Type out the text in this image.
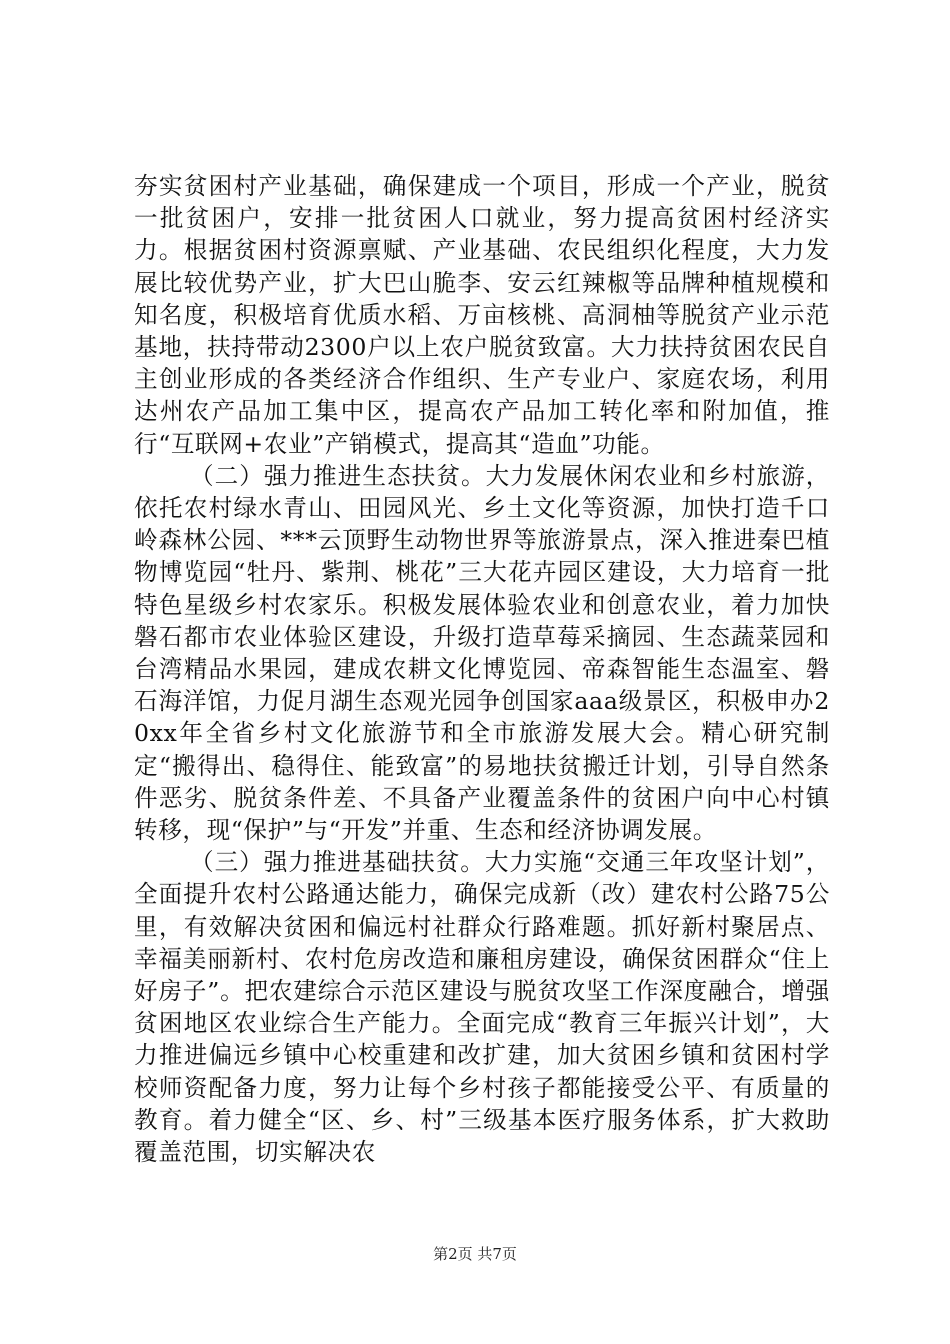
夯实贫困村产业基础，确保建成一个项目，形成一个产业，脱贫一批贫困户，安排一批贫困人口就业，努力提高贫困村经济实力。根据贫困村资源禀赋、产业基础、农民组织化程度，大力发展比较优势产业，扩大巴山脆李、安云红辣椒等品牌种植规模和知名度，积极培育优质水稻、万亩核桃、高洞柚等脱贫产业示范基地，扶持带动2300户以上农户脱贫致富。大力扶持贫困农民自主创业形成的各类经济合作组织、生产专业户、家庭农场，利用达州农产品加工集中区，提高农产品加工转化率和附加值，推行“互联网+农业”产销模式，提高其“造血”功能。

（二）强力推进生态扶贫。大力发展休闲农业和乡村旅游，依托农村绿水青山、田园风光、乡土文化等资源，加快打造千口岭森林公园、***云顶野生动物世界等旅游景点，深入推进秦巴植物博览园“牡丹、紫荆、桃花”三大花卉园区建设，大力培育一批特色星级乡村农家乐。积极发展体验农业和创意农业，着力加快磐石都市农业体验区建设，升级打造草莓采摘园、生态蔬菜园和台湾精品水果园，建成农耕文化博览园、帝森智能生态温室、磐石海洋馆，力促月湖生态观光园争创国家aaa级景区，积极申办20xx年全省乡村文化旅游节和全市旅游发展大会。精心研究制定“搬得出、稳得住、能致富”的易地扶贫搬迁计划，引导自然条件恶劣、脱贫条件差、不具备产业覆盖条件的贫困户向中心村镇转移，现“保护”与“开发”并重、生态和经济协调发展。

（三）强力推进基础扶贫。大力实施“交通三年攻坚计划”，全面提升农村公路通达能力，确保完成新（改）建农村公路75公里，有效解决贫困和偏远村社群众行路难题。抓好新村聚居点、幸福美丽新村、农村危房改造和廉租房建设，确保贫困群众“住上好房子”。把农建综合示范区建设与脱贫攻坚工作深度融合，增强贫困地区农业综合生产能力。全面完成“教育三年振兴计划”，大力推进偏远乡镇中心校重建和改扩建，加大贫困乡镇和贫困村学校师资配备力度，努力让每个乡村孩子都能接受公平、有质量的教育。着力健全“区、乡、村”三级基本医疗服务体系，扩大救助覆盖范围，切实解决农

第2页 共7页
